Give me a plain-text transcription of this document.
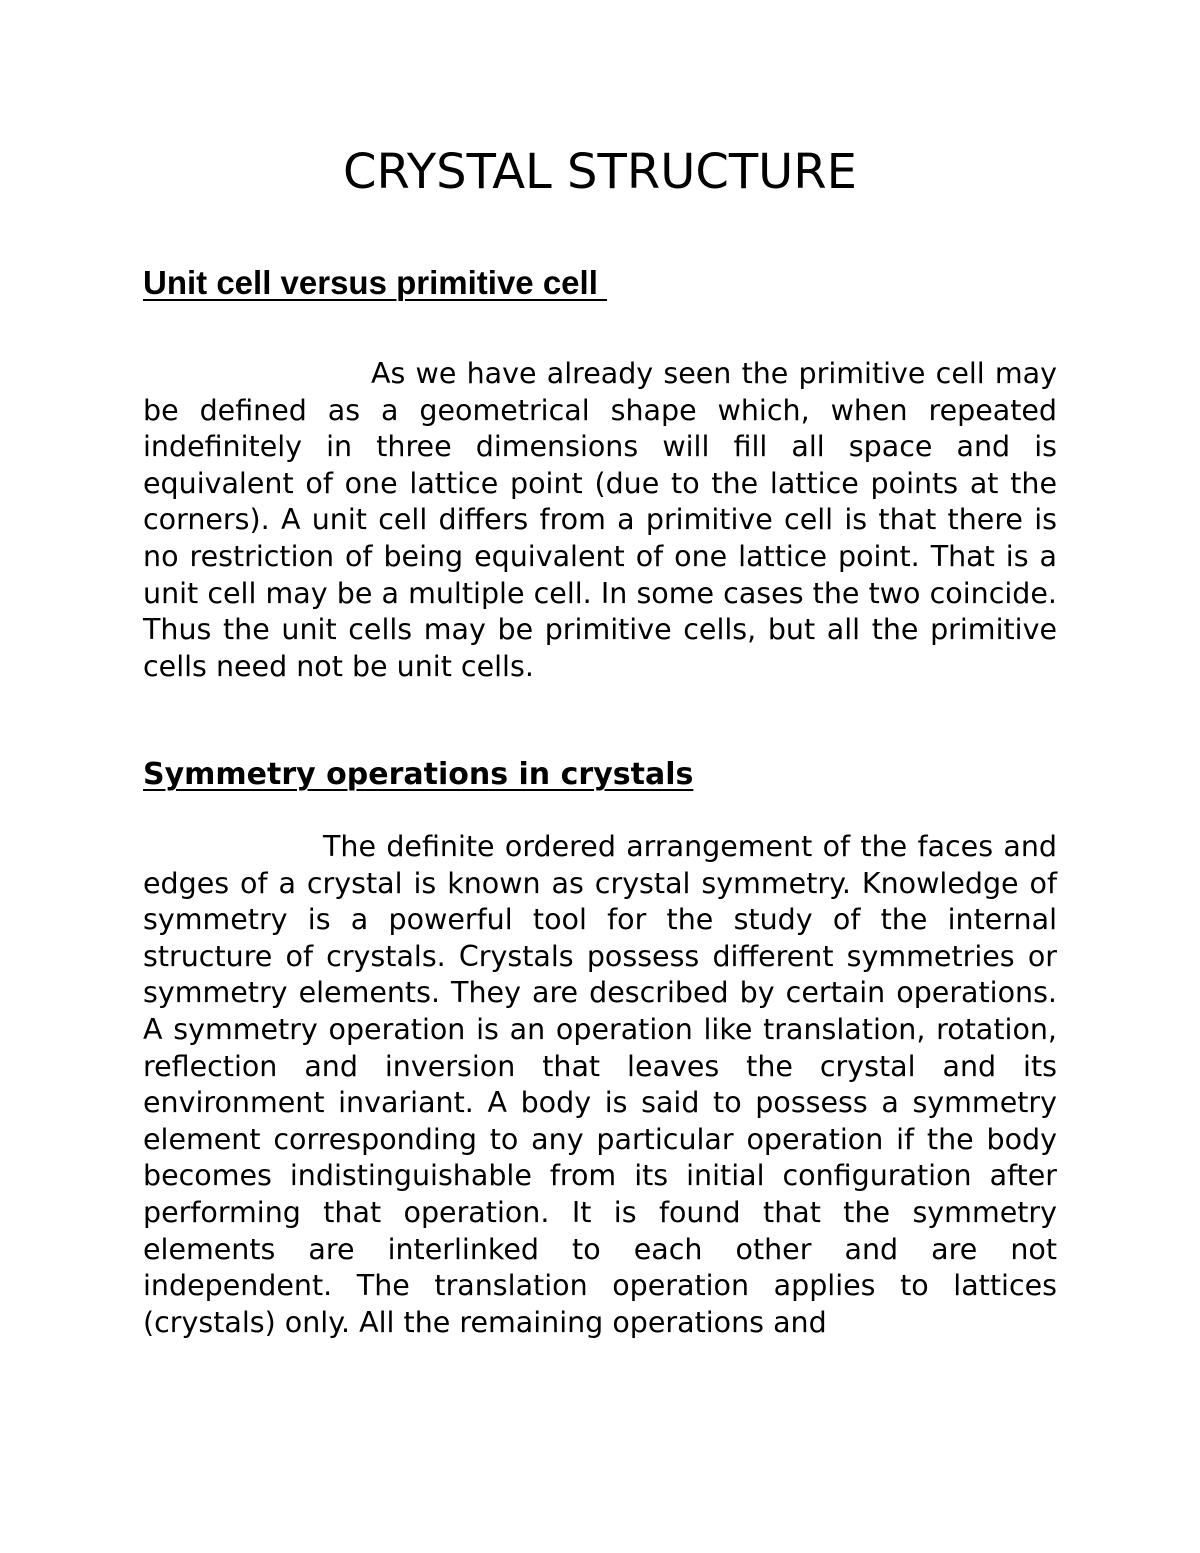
CRYSTAL STRUCTURE
Unit cell versus primitive cell

As we have already seen the primitive cell may be defined as a geometrical shape which, when repeated indefinitely in three dimensions will fill all space and is equivalent of one lattice point (due to the lattice points at the corners). A unit cell differs from a primitive cell is that there is no restriction of being equivalent of one lattice point. That is a unit cell may be a multiple cell. In some cases the two coincide. Thus the unit cells may be primitive cells, but all the primitive cells need not be unit cells.

Symmetry operations in crystals

The definite ordered arrangement of the faces and edges of a crystal is known as crystal symmetry. Knowledge of symmetry is a powerful tool for the study of the internal structure of crystals. Crystals possess different symmetries or symmetry elements. They are described by certain operations. A symmetry operation is an operation like translation, rotation, reflection and inversion that leaves the crystal and its environment invariant. A body is said to possess a symmetry element corresponding to any particular operation if the body becomes indistinguishable from its initial configuration after performing that operation. It is found that the symmetry elements are interlinked to each other and are not independent. The translation operation applies to lattices (crystals) only. All the remaining operations and
